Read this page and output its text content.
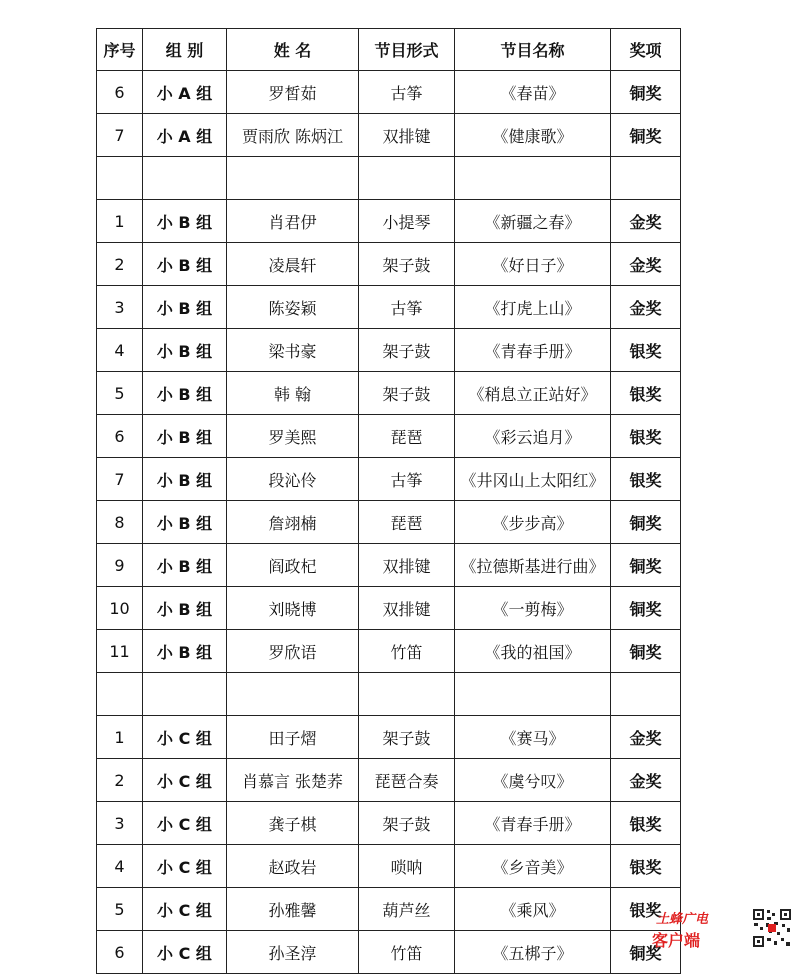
序号	组 别	姓 名	节目形式	节目名称	奖项
6	小 A 组	罗皙茹	古筝	《春苗》	铜奖
7	小 A 组	贾雨欣 陈炳江	双排键	《健康歌》	铜奖

1	小 B 组	肖君伊	小提琴	《新疆之春》	金奖
2	小 B 组	凌晨轩	架子鼓	《好日子》	金奖
3	小 B 组	陈姿颖	古筝	《打虎上山》	金奖
4	小 B 组	梁书豪	架子鼓	《青春手册》	银奖
5	小 B 组	韩 翰	架子鼓	《稍息立正站好》	银奖
6	小 B 组	罗美熙	琵琶	《彩云追月》	银奖
7	小 B 组	段沁伶	古筝	《井冈山上太阳红》	银奖
8	小 B 组	詹翊楠	琵琶	《步步高》	铜奖
9	小 B 组	阎政杞	双排键	《拉德斯基进行曲》	铜奖
10	小 B 组	刘晓博	双排键	《一剪梅》	铜奖
11	小 B 组	罗欣语	竹笛	《我的祖国》	铜奖

1	小 C 组	田子熠	架子鼓	《赛马》	金奖
2	小 C 组	肖慕言 张楚荞	琵琶合奏	《虞兮叹》	金奖
3	小 C 组	龚子棋	架子鼓	《青春手册》	银奖
4	小 C 组	赵政岩	唢呐	《乡音美》	银奖
5	小 C 组	孙雅馨	葫芦丝	《乘风》	银奖
6	小 C 组	孙圣淳	竹笛	《五梆子》	铜奖
土蜂广电
客户端
